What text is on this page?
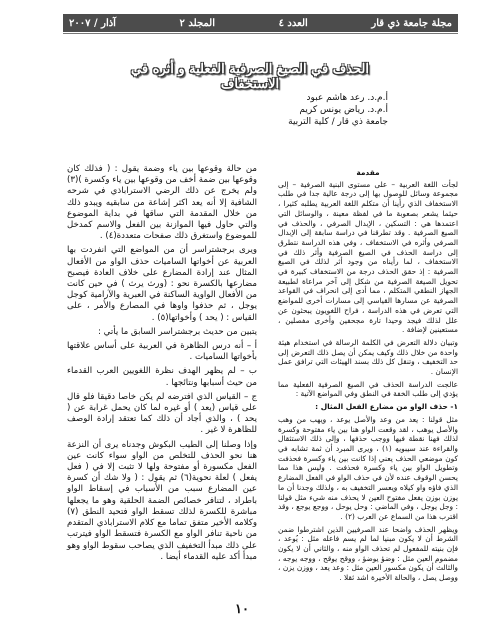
مجلة جامعة ذي قار
العدد ٤
المجلد ٢
آذار / ٢٠٠٧
الحذف في الصيغ الصرفية الفعلية و أثره في الاستخفاف
أ.م.د. رعد هاشم عبود
أ.م.د. رياض يونس كريم
جامعة ذي قار / كلية التربية

مقدمة

لجأت اللغة العربية – على مستوى البنية الصرفية – إلى مجموعة وسائل للوصول بها إلى درجة عالية جدا في طلب الاستخفاف الذي رأينا أن متكلم اللغة العربية يطلبه كثيرا ، حيثما يشعر بصعوبة ما في لفظة معينة ، والوسائل التي اعتمدها هي : التسكين ، الإبدال الصرفي ، والحذف في الصيغ الصرفية . وقد تطرقنا في دراسة سابقة إلى الإبدال الصرفي وأثره في الاستخفاف ، وفي هذه الدراسة نتطرق إلى دراسة الحذف في الصيغ الصرفية وأثر ذلك في الاستخفاف ، لما رأيناه من وجود أثر لذلك في الصيغ الصرفية : إذ حقق الحذف درجة من الاستخفاف كبيرة في تحويل الصيغة الصرفية من شكل إلى آخر مراعاة لطبيعة الجهاز النطقي المتكلم ، مما أدى إلى انحراف في القواعد الصرفية عن مسارها القياسي إلى مسارات أخرى للمواضع التي تعرض في هذه الدراسة ، فراح اللغويون يبحثون عن علل لذلك فيجد وحيدا تارة مجحفين وأخرى مفصلين ، مستعينين لإضافة .

وتبيان دلالة التعرض في الكلمة الرسالة في استخدام هيئة واحدة من خلال ذلك وكيف يمكن أن يصل ذلك التعرض إلى حد التخفيف ، وتنقل كل ذلك بسند الهيئات التي ترافق عمل الإنسان .

عالجت الدراسة الحذف في الصيغ الصرفية الفعلية مما يؤدي إلى طلب الخفة في النطق وفي المواضع الآتية :

١- حذف الواو من مضارع الفعل المثال :

مثل قولنا : يعد من وعد والأصل يوعد ، ويهب من وهب والأصل يوهب ، لقد وقعت الواو هنا بين ياء مفتوحة وكسرة لذلك فهنا نقطة فيها ووجب حذفها ، وإلى ذلك الاستثقال والقراءة عند سيبويه (١) ، ويرى المبرد أن ثمة تشابه في كون موضعي الحذف يعني إذا كانت بين ياء وكسرة فحذفت وتطويل الواو بين ياء وكسرة فحذفت . وليس هذا مما يحسن الوقوف عنده لأن في حذف الواو في الفعل المضارع الذي فاؤه واو كيلاه ويعسر التخفيف به ، ولذلك وجدنا أن ما يوزن بوزن يفعل مفتوح العين لا يحذف منه شيء مثل قولنا : وجل يوجل ، وفي الماضي : وحل يوحل ، ووجع يوجع ، وقد اقترب هذا من السماع عن العرب (٢) .

ويظهر الحذف واضحا عند الصرفيين الذين اشترطوا ضمن الشرط أن لا يكون مبنيا لما لم يسم فاعله مثل : يُوعد ، فإن بنيته للمفعول لم تحذف الواو منه ، والثاني أن لا يكون مضموم العين مثل : وضؤ يوضؤ ، ووقح يوقح ، ووجه يوجه ، والثالث أن يكون مكسور العين مثل : وعد يعد ، ووزن يزن ، ووصل يصل ، والحالة الأخيرة اشد ثقلا .

من حالة وقوعها بين ياء وضمة يقول : ( فذلك كان وقوعها بين ضمة أخف من وقوعها بين ياء وكسرة )(٣) ولم يخرج عن ذلك الرضي الاستراباذي في شرحه الشافية إلا أنه يعد اكثر إشاعة من سابقيه ويبدو ذلك من خلال المقدمة التي ساقها في بداية الموضوع والتي حاول فيها الموازنة بين الفعل والاسم كمدخل للموضوع واستغرق ذلك صفحات متعددة(٤) .

ويرى برجشتراسر أن من المواضع التي انفردت بها العربية عن أخواتها الساميات حذف الواو من الأفعال المثال عند إرادة المضارع على خلاف العادة فيصبح مضارعها بالكسرة نحو : (ورث يرث ) في حين كانت من الأفعال الواوية الساكنة في العبرية والآرامية كوجل يوجل ، ثم حذفوا واوها في المصارع والأمر ، على القياس : ( يحد ) وأخواتها(٥) .

يتبين من حديث برجشتراسر السابق ما يأتي :

أ – أنه درس الظاهرة في العربية على أساس علاقتها بأخواتها الساميات .

ب – لم يظهر الهدف نظرة اللغويين العرب القدماء من حيث أسبابها ونتائجها .

ج – القياس الذي افترضه لم يكن خاصا دقيقا فلو قال على قياس (يعد ) أو غيره لما كان يحمل غرابة عن ( يحد ) ، والذي أجاد أن ذلك كما تعتقد إرادة الوصف للظاهرة لا غير .

وإذا وصلنا إلى الطيب البكوش وجدناه يرى أن النزعة هنا نحو الحذف للتخلص من الواو سواء كانت عين الفعل مكسورة أو مفتوحة ولها لا تثبت إلا في ( فعل يفعل ) لعلة نحوية(٦) ثم يقول : ( ولا شك أن كسرة عين المضارع سبب من الأسباب في إسقاط الواو باطراد ، لتنافر خصائص الضمة الحلقية وهو ما يجعلها مباشرة للكسرة لذلك تسقط الواو فتحيد النطق (٧) وكلامه الأخير متفق تماما مع كلام الاستراباذي المتقدم من ناحية تنافر الواو مع الكسرة فتسقط الواو فيترتب على ذلك مبدأ التخفيف الذي يصاحب سقوط الواو وهو مبدأ أكد عليه القدماء أيضا .

١٠
